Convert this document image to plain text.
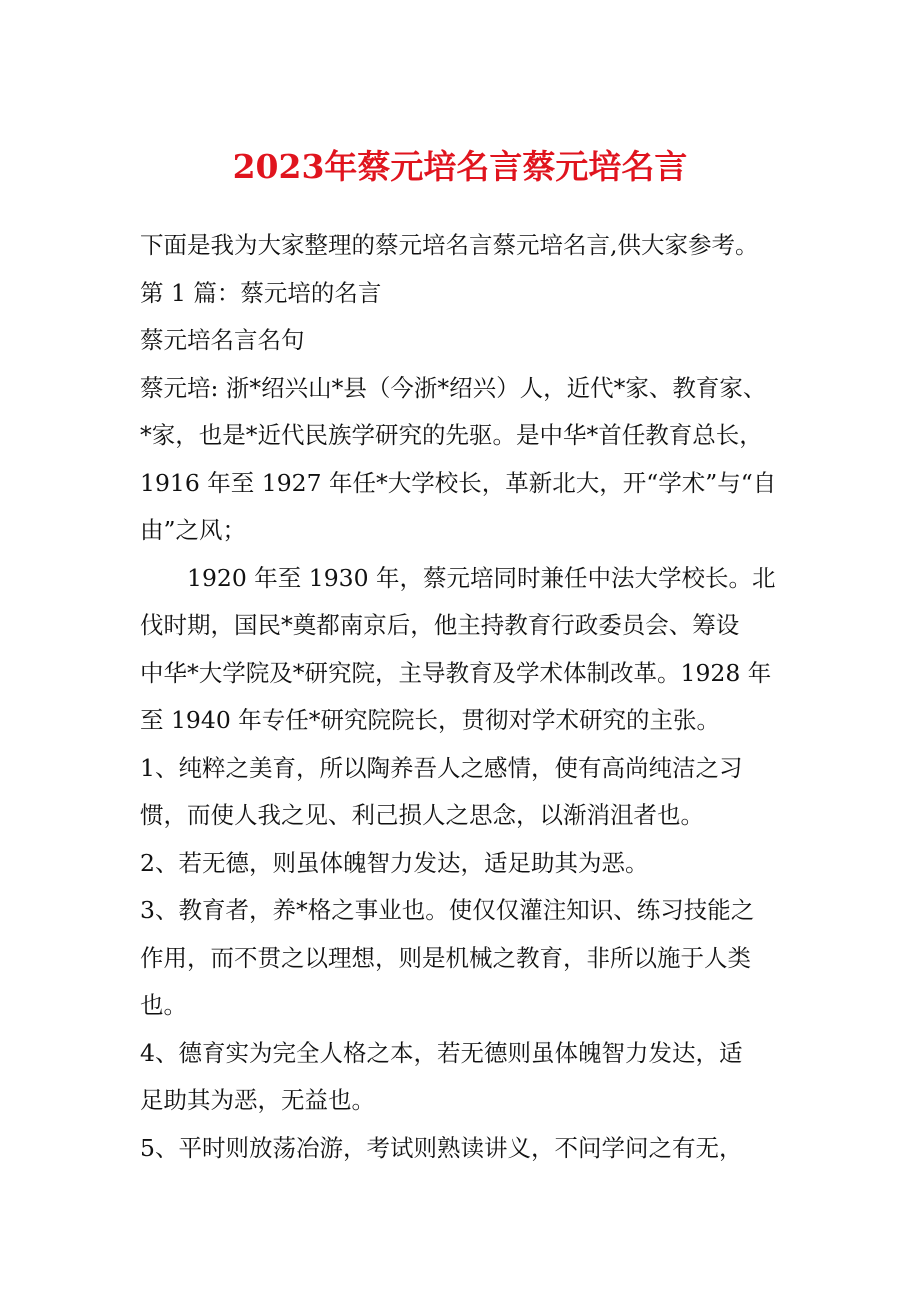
2023年蔡元培名言蔡元培名言
下面是我为大家整理的蔡元培名言蔡元培名言,供大家参考。
第 1 篇：蔡元培的名言
蔡元培名言名句
蔡元培: 浙*绍兴山*县（今浙*绍兴）人，近代*家、教育家、
*家，也是*近代民族学研究的先驱。是中华*首任教育总长，
1916 年至 1927 年任*大学校长，革新北大，开“学术”与“自
由”之风；
1920 年至 1930 年，蔡元培同时兼任中法大学校长。北
伐时期，国民*奠都南京后，他主持教育行政委员会、筹设
中华*大学院及*研究院，主导教育及学术体制改革。1928 年
至 1940 年专任*研究院院长，贯彻对学术研究的主张。
1、纯粹之美育，所以陶养吾人之感情，使有高尚纯洁之习
惯，而使人我之见、利己损人之思念，以渐消沮者也。
2、若无德，则虽体魄智力发达，适足助其为恶。
3、教育者，养*格之事业也。使仅仅灌注知识、练习技能之
作用，而不贯之以理想，则是机械之教育，非所以施于人类
也。
4、德育实为完全人格之本，若无德则虽体魄智力发达，适
足助其为恶，无益也。
5、平时则放荡冶游，考试则熟读讲义，不问学问之有无，
